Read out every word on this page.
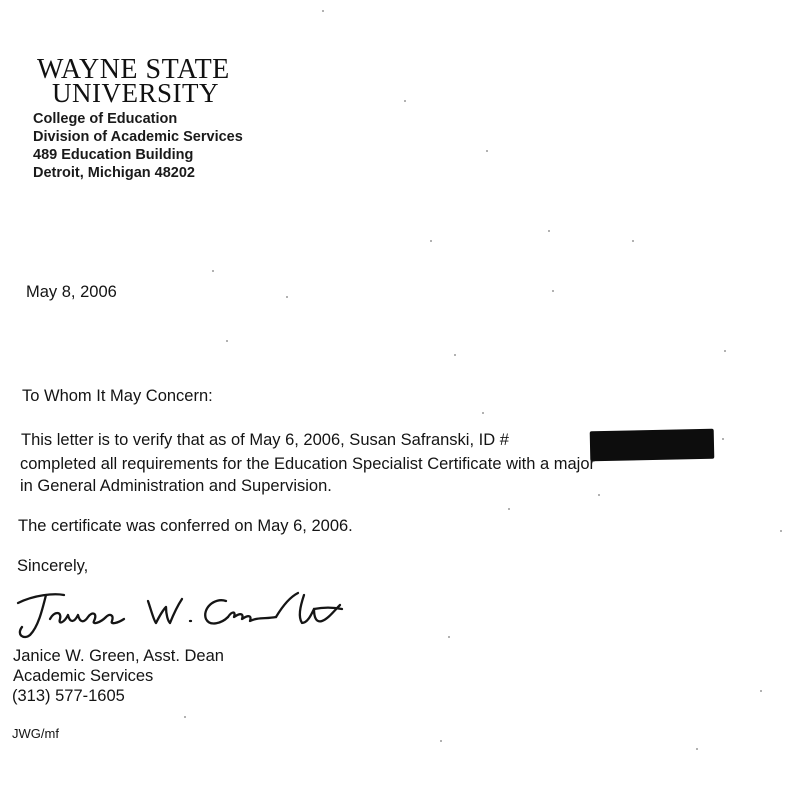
WAYNE STATE
UNIVERSITY
College of Education
Division of Academic Services
489 Education Building
Detroit, Michigan 48202
May 8, 2006
To Whom It May Concern:
This letter is to verify that as of May 6, 2006, Susan Safranski, ID #
completed all requirements for the Education Specialist Certificate with a major
in General Administration and Supervision.
The certificate was conferred on May 6, 2006.
Sincerely,
Janice W. Green, Asst. Dean
Academic Services
(313) 577-1605
JWG/mf
